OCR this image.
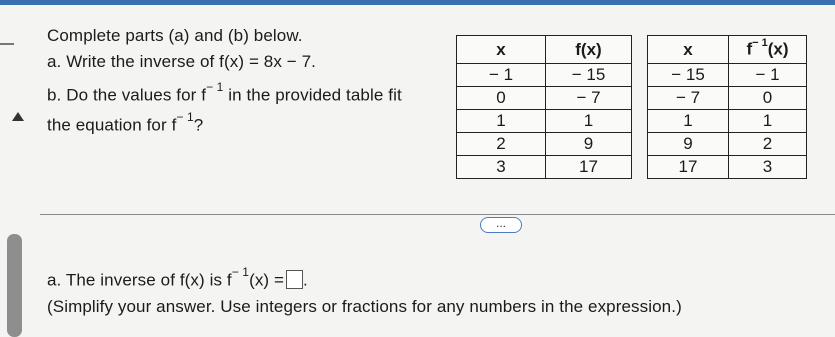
Complete parts (a) and (b) below.
a. Write the inverse of f(x) = 8x − 7.
b. Do the values for $f^{- 1}$ in the provided table fit
the equation for $f^{- 1}$?
x	f(x)
− 1	− 15
0	− 7
1	1
2	9
3	17
x	$f^{- 1}(x)$
− 15	− 1
− 7	0
1	1
9	2
17	3
...
a. The inverse of f(x) is $f^{- 1}(x)$ = .
(Simplify your answer. Use integers or fractions for any numbers in the expression.)
